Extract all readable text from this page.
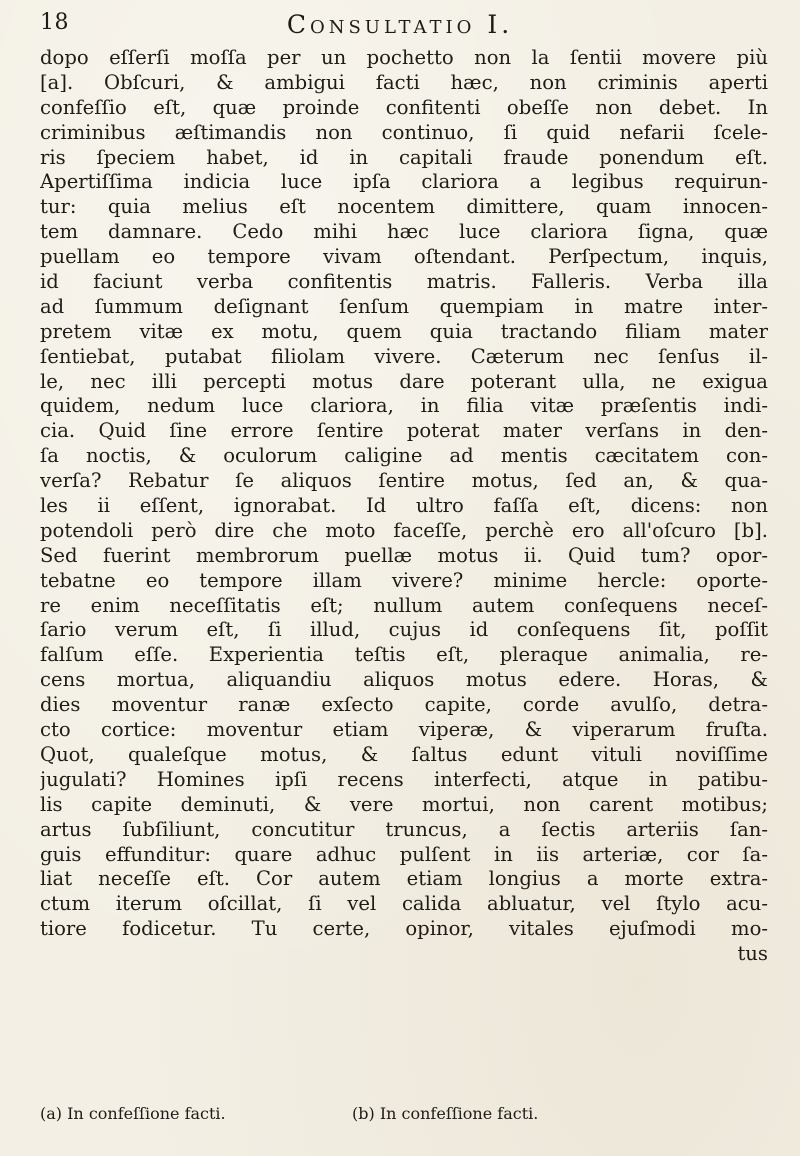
18	Consultatio I.
dopo eſſerſi moſſa per un pochetto non la ſentii movere più
[a]. Obſcuri, & ambigui facti hæc, non criminis aperti
confeſſio eſt, quæ proinde confitenti obeſſe non debet. In
criminibus æſtimandis non continuo, ſi quid nefarii ſcele-
ris ſpeciem habet, id in capitali fraude ponendum eſt.
Apertiſſima indicia luce ipſa clariora a legibus requirun-
tur: quia melius eſt nocentem dimittere, quam innocen-
tem damnare. Cedo mihi hæc luce clariora ſigna, quæ
puellam eo tempore vivam oſtendant. Perſpectum, inquis,
id faciunt verba confitentis matris. Falleris. Verba illa
ad ſummum deſignant ſenſum quempiam in matre inter-
pretem vitæ ex motu, quem quia tractando filiam mater
ſentiebat, putabat filiolam vivere. Cæterum nec ſenſus il-
le, nec illi percepti motus dare poterant ulla, ne exigua
quidem, nedum luce clariora, in filia vitæ præſentis indi-
cia. Quid ſine errore ſentire poterat mater verſans in den-
ſa noctis, & oculorum caligine ad mentis cæcitatem con-
verſa? Rebatur ſe aliquos ſentire motus, ſed an, & qua-
les ii eſſent, ignorabat. Id ultro faſſa eſt, dicens: non
potendoli però dire che moto faceſſe, perchè ero all'oſcuro [b].
Sed fuerint membrorum puellæ motus ii. Quid tum? opor-
tebatne eo tempore illam vivere? minime hercle: oporte-
re enim neceſſitatis eſt; nullum autem conſequens neceſ-
ſario verum eſt, ſi illud, cujus id conſequens ſit, poſſit
falſum eſſe. Experientia teſtis eſt, pleraque animalia, re-
cens mortua, aliquandiu aliquos motus edere. Horas, &
dies moventur ranæ exſecto capite, corde avulſo, detra-
cto cortice: moventur etiam viperæ, & viperarum fruſta.
Quot, qualeſque motus, & ſaltus edunt vituli noviſſime
jugulati? Homines ipſi recens interfecti, atque in patibu-
lis capite deminuti, & vere mortui, non carent motibus;
artus ſubſiliunt, concutitur truncus, a ſectis arteriis ſan-
guis effunditur: quare adhuc pulſent in iis arteriæ, cor ſa-
liat neceſſe eſt. Cor autem etiam longius a morte extra-
ctum iterum oſcillat, ſi vel calida abluatur, vel ſtylo acu-
tiore fodicetur. Tu certe, opinor, vitales ejuſmodi mo-
tus
(a) In confeſſione facti.	(b) In confeſſione facti.
